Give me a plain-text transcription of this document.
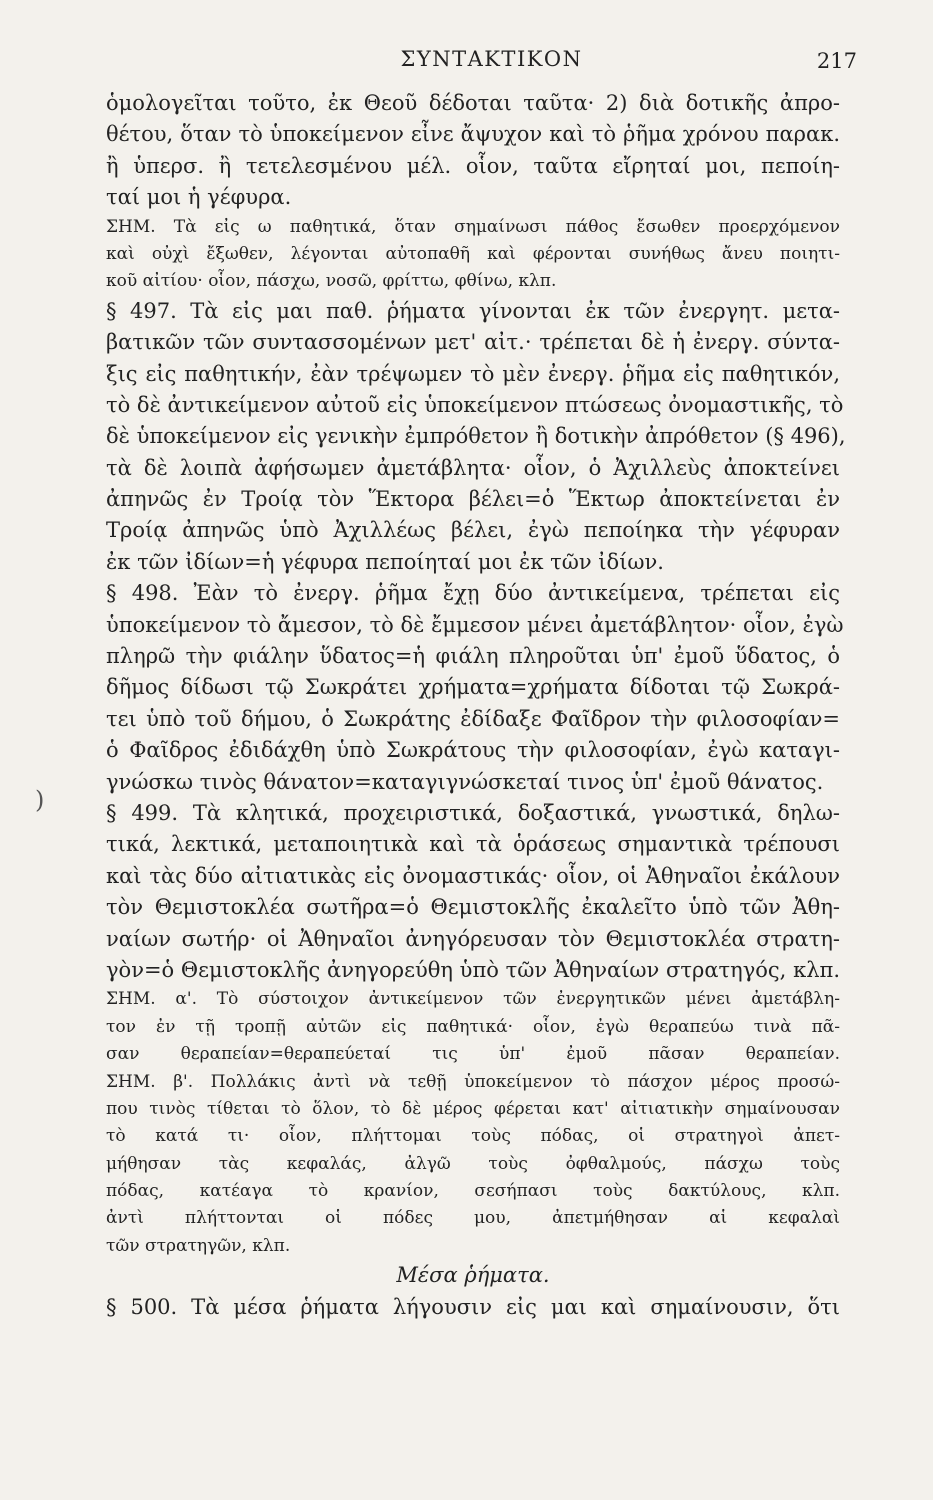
ΣΥΝΤΑΚΤΙΚΟΝ	217
)
ὁμολογεῖται τοῦτο, ἐκ Θεοῦ δέδοται ταῦτα· 2) διὰ δοτικῆς ἀπρο-
θέτου, ὅταν τὸ ὑποκείμενον εἶνε ἄψυχον καὶ τὸ ῥῆμα χρόνου παρακ.
ἢ ὑπερσ. ἢ τετελεσμένου μέλ. οἷον, ταῦτα εἴρηταί μοι, πεποίη-
ταί μοι ἡ γέφυρα.
ΣΗΜ. Τὰ εἰς ω παθητικά, ὅταν σημαίνωσι πάθος ἔσωθεν προερχόμενον
καὶ οὐχὶ ἔξωθεν, λέγονται αὐτοπαθῆ καὶ φέρονται συνήθως ἄνευ ποιητι-
κοῦ αἰτίου· οἷον, πάσχω, νοσῶ, φρίττω, φθίνω, κλπ.
§ 497. Τὰ εἰς μαι παθ. ῥήματα γίνονται ἐκ τῶν ἐνεργητ. μετα-
βατικῶν τῶν συντασσομένων μετ' αἰτ.· τρέπεται δὲ ἡ ἐνεργ. σύντα-
ξις εἰς παθητικήν, ἐὰν τρέψωμεν τὸ μὲν ἐνεργ. ῥῆμα εἰς παθητικόν,
τὸ δὲ ἀντικείμενον αὐτοῦ εἰς ὑποκείμενον πτώσεως ὀνομαστικῆς, τὸ
δὲ ὑποκείμενον εἰς γενικὴν ἐμπρόθετον ἢ δοτικὴν ἀπρόθετον (§ 496),
τὰ δὲ λοιπὰ ἀφήσωμεν ἀμετάβλητα· οἷον, ὁ Ἀχιλλεὺς ἀποκτείνει
ἀπηνῶς ἐν Τροίᾳ τὸν Ἕκτορα βέλει=ὁ Ἕκτωρ ἀποκτείνεται ἐν
Τροίᾳ ἀπηνῶς ὑπὸ Ἀχιλλέως βέλει, ἐγὼ πεποίηκα τὴν γέφυραν
ἐκ τῶν ἰδίων=ἡ γέφυρα πεποίηταί μοι ἐκ τῶν ἰδίων.
§ 498. Ἐὰν τὸ ἐνεργ. ῥῆμα ἔχῃ δύο ἀντικείμενα, τρέπεται εἰς
ὑποκείμενον τὸ ἄμεσον, τὸ δὲ ἔμμεσον μένει ἀμετάβλητον· οἷον, ἐγὼ
πληρῶ τὴν φιάλην ὕδατος=ἡ φιάλη πληροῦται ὑπ' ἐμοῦ ὕδατος, ὁ
δῆμος δίδωσι τῷ Σωκράτει χρήματα=χρήματα δίδοται τῷ Σωκρά-
τει ὑπὸ τοῦ δήμου, ὁ Σωκράτης ἐδίδαξε Φαῖδρον τὴν φιλοσοφίαν=
ὁ Φαῖδρος ἐδιδάχθη ὑπὸ Σωκράτους τὴν φιλοσοφίαν, ἐγὼ καταγι-
γνώσκω τινὸς θάνατον=καταγιγνώσκεταί τινος ὑπ' ἐμοῦ θάνατος.
§ 499. Τὰ κλητικά, προχειριστικά, δοξαστικά, γνωστικά, δηλω-
τικά, λεκτικά, μεταποιητικὰ καὶ τὰ ὁράσεως σημαντικὰ τρέπουσι
καὶ τὰς δύο αἰτιατικὰς εἰς ὀνομαστικάς· οἷον, οἱ Ἀθηναῖοι ἐκάλουν
τὸν Θεμιστοκλέα σωτῆρα=ὁ Θεμιστοκλῆς ἐκαλεῖτο ὑπὸ τῶν Ἀθη-
ναίων σωτήρ· οἱ Ἀθηναῖοι ἀνηγόρευσαν τὸν Θεμιστοκλέα στρατη-
γὸν=ὁ Θεμιστοκλῆς ἀνηγορεύθη ὑπὸ τῶν Ἀθηναίων στρατηγός, κλπ.
ΣΗΜ. α'. Τὸ σύστοιχον ἀντικείμενον τῶν ἐνεργητικῶν μένει ἀμετάβλη-
τον ἐν τῇ τροπῇ αὐτῶν εἰς παθητικά· οἷον, ἐγὼ θεραπεύω τινὰ πᾶ-
σαν θεραπείαν=θεραπεύεταί τις ὑπ' ἐμοῦ πᾶσαν θεραπείαν.
ΣΗΜ. β'. Πολλάκις ἀντὶ νὰ τεθῇ ὑποκείμενον τὸ πάσχον μέρος προσώ-
που τινὸς τίθεται τὸ ὅλον, τὸ δὲ μέρος φέρεται κατ' αἰτιατικὴν σημαίνουσαν
τὸ κατά τι· οἷον, πλήττομαι τοὺς πόδας, οἱ στρατηγοὶ ἀπετ-
μήθησαν τὰς κεφαλάς, ἀλγῶ τοὺς ὀφθαλμούς, πάσχω τοὺς
πόδας, κατέαγα τὸ κρανίον, σεσήπασι τοὺς δακτύλους, κλπ.
ἀντὶ πλήττονται οἱ πόδες μου, ἀπετμήθησαν αἱ κεφαλαὶ
τῶν στρατηγῶν, κλπ.
Μέσα ῥήματα.
§ 500. Τὰ μέσα ῥήματα λήγουσιν εἰς μαι καὶ σημαίνουσιν, ὅτι
